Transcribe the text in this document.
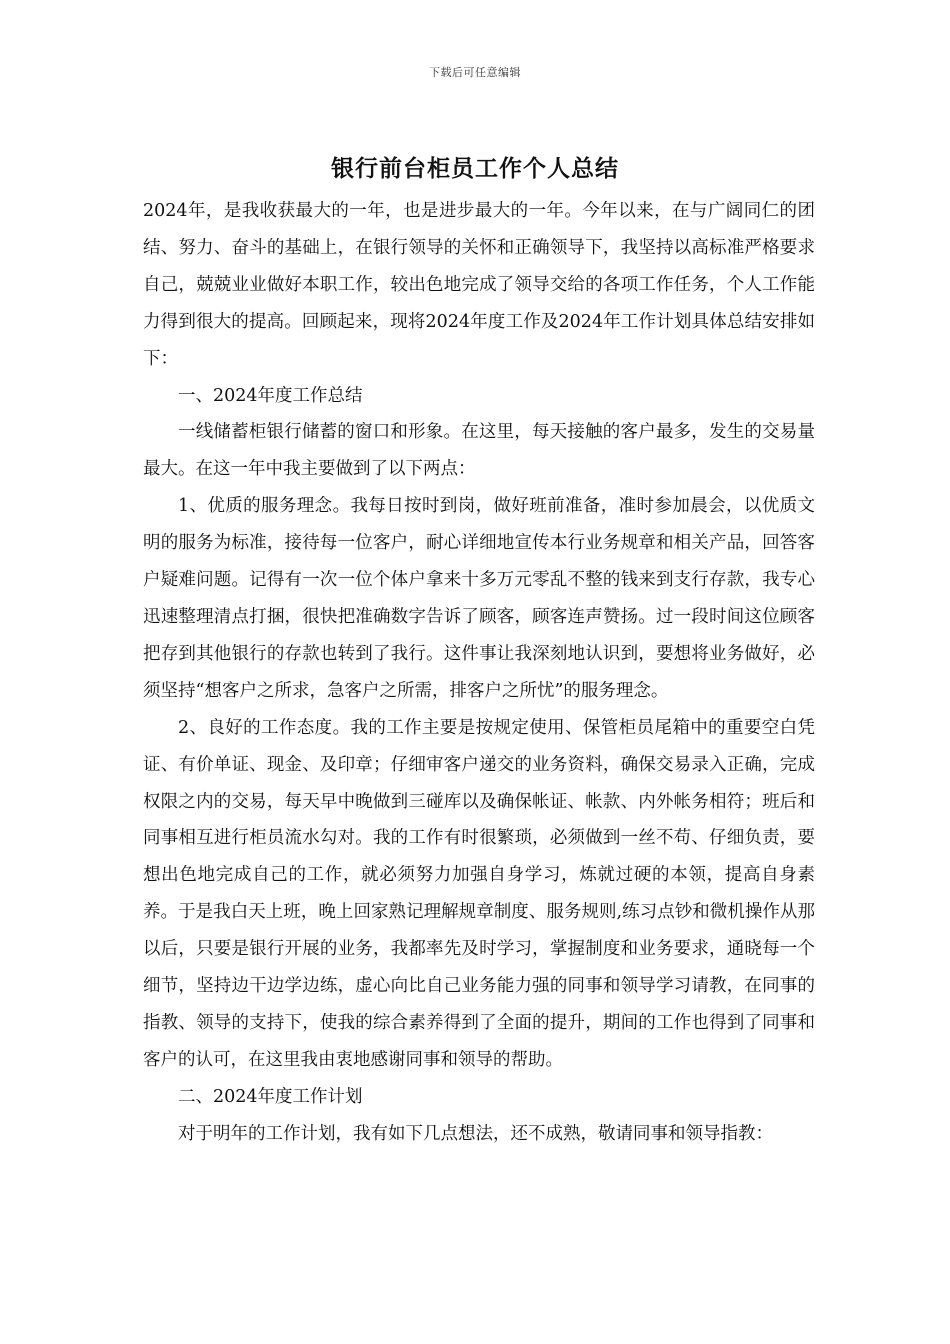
下载后可任意编辑
银行前台柜员工作个人总结

2024年，是我收获最大的一年，也是进步最大的一年。今年以来，在与广阔同仁的团结、努力、奋斗的基础上，在银行领导的关怀和正确领导下，我坚持以高标准严格要求自己，兢兢业业做好本职工作，较出色地完成了领导交给的各项工作任务，个人工作能力得到很大的提高。回顾起来，现将2024年度工作及2024年工作计划具体总结安排如下：

一、2024年度工作总结

一线储蓄柜银行储蓄的窗口和形象。在这里，每天接触的客户最多，发生的交易量最大。在这一年中我主要做到了以下两点：

1、优质的服务理念。我每日按时到岗，做好班前准备，准时参加晨会，以优质文明的服务为标准，接待每一位客户，耐心详细地宣传本行业务规章和相关产品，回答客户疑难问题。记得有一次一位个体户拿来十多万元零乱不整的钱来到支行存款，我专心迅速整理清点打捆，很快把准确数字告诉了顾客，顾客连声赞扬。过一段时间这位顾客把存到其他银行的存款也转到了我行。这件事让我深刻地认识到，要想将业务做好，必须坚持“想客户之所求，急客户之所需，排客户之所忧”的服务理念。

2、良好的工作态度。我的工作主要是按规定使用、保管柜员尾箱中的重要空白凭证、有价单证、现金、及印章；仔细审客户递交的业务资料，确保交易录入正确，完成权限之内的交易，每天早中晚做到三碰库以及确保帐证、帐款、内外帐务相符；班后和同事相互进行柜员流水勾对。我的工作有时很繁琐，必须做到一丝不苟、仔细负责，要想出色地完成自己的工作，就必须努力加强自身学习，炼就过硬的本领，提高自身素养。于是我白天上班，晚上回家熟记理解规章制度、服务规则,练习点钞和微机操作从那以后，只要是银行开展的业务，我都率先及时学习，掌握制度和业务要求，通晓每一个细节，坚持边干边学边练，虚心向比自己业务能力强的同事和领导学习请教，在同事的指教、领导的支持下，使我的综合素养得到了全面的提升，期间的工作也得到了同事和客户的认可，在这里我由衷地感谢同事和领导的帮助。

二、2024年度工作计划

对于明年的工作计划，我有如下几点想法，还不成熟，敬请同事和领导指教：
